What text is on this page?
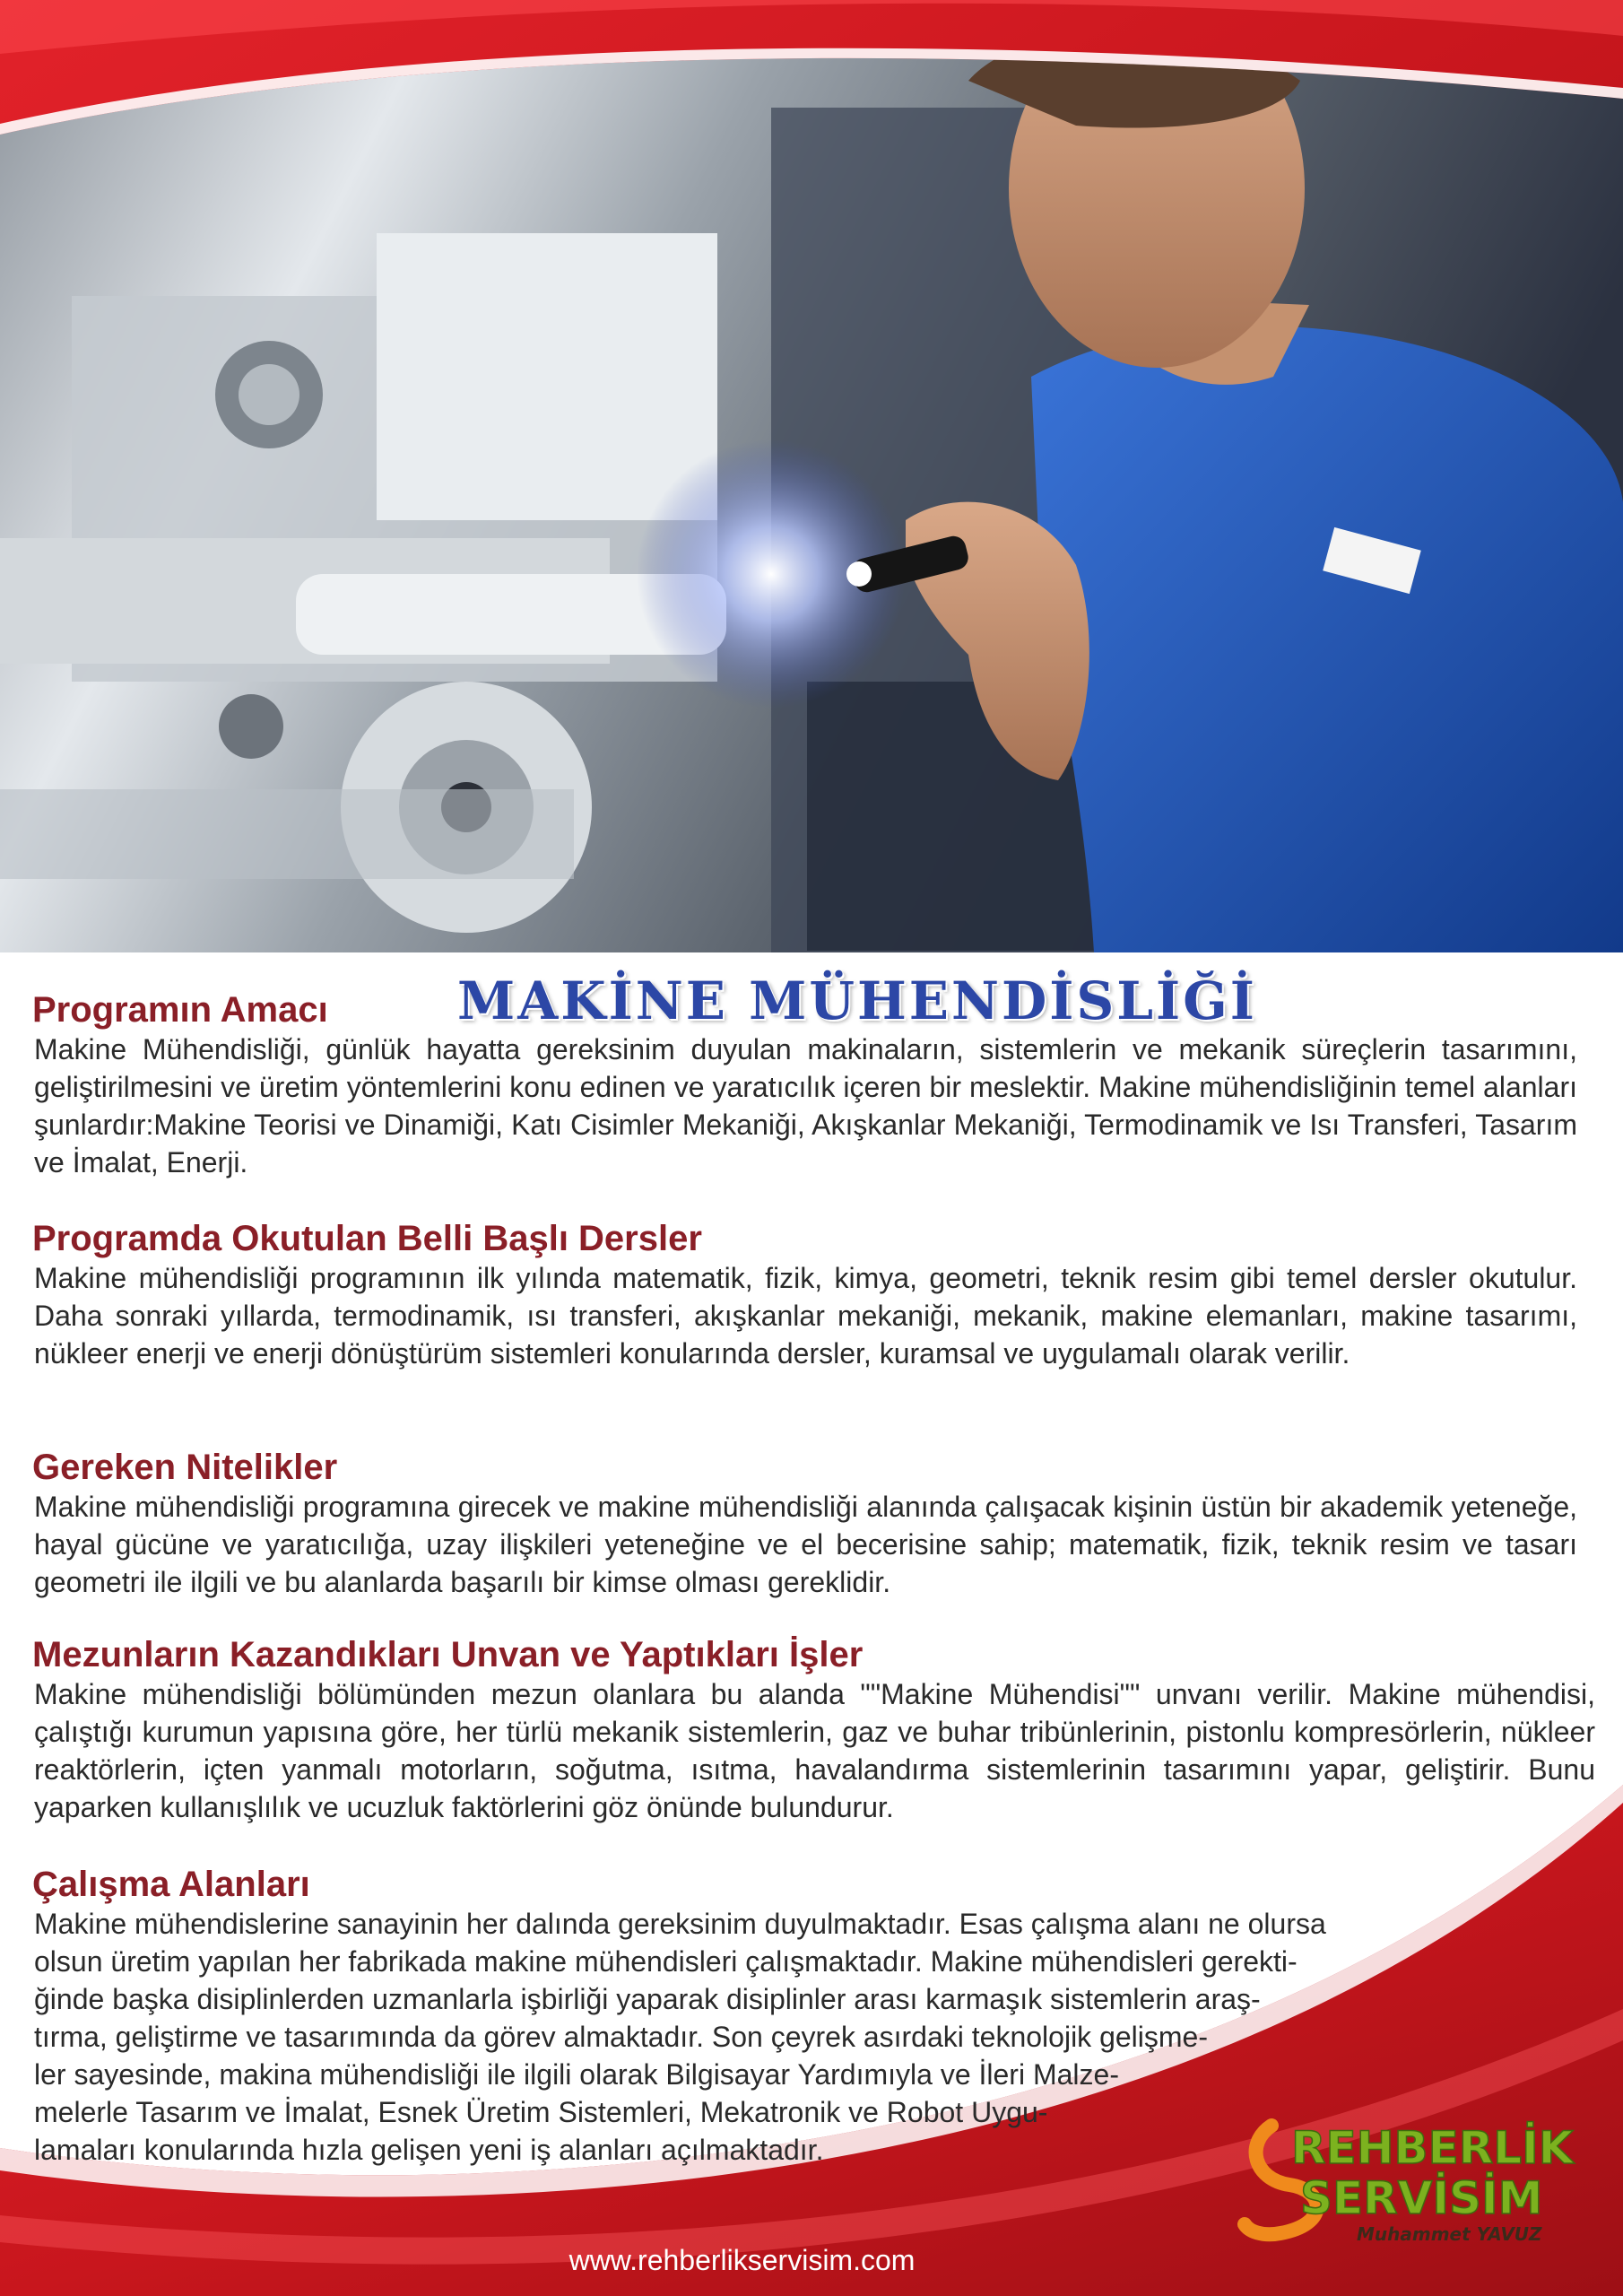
MAKİNE MÜHENDİSLİĞİ
Programın Amacı

Makine Mühendisliği, günlük hayatta gereksinim duyulan makinaların, sistemlerin ve mekanik süreçlerin tasarımını, geliştirilmesini ve üretim yöntemlerini konu edinen ve yaratıcılık içeren bir meslektir. Makine mühendisliğinin temel alanları şunlardır:Makine Teorisi ve Dinamiği, Katı Cisimler Mekaniği, Akışkanlar Mekaniği, Termodinamik ve Isı Transferi, Tasarım ve İmalat, Enerji.

Programda Okutulan Belli Başlı Dersler

Makine mühendisliği programının ilk yılında matematik, fizik, kimya, geometri, teknik resim gibi temel dersler okutulur. Daha sonraki yıllarda, termodinamik, ısı transferi, akışkanlar mekaniği, mekanik, makine elemanları, makine tasarımı, nükleer enerji ve enerji dönüştürüm sistemleri konularında dersler, kuramsal ve uygulamalı olarak verilir.

Gereken Nitelikler

Makine mühendisliği programına girecek ve makine mühendisliği alanında çalışacak kişinin üstün bir akademik yeteneğe, hayal gücüne ve yaratıcılığa, uzay ilişkileri yeteneğine ve el becerisine sahip; matematik, fizik, teknik resim ve tasarı geometri ile ilgili ve bu alanlarda başarılı bir kimse olması gereklidir.

Mezunların Kazandıkları Unvan ve Yaptıkları İşler

Makine mühendisliği bölümünden mezun olanlara bu alanda ""Makine Mühendisi"" unvanı verilir. Makine mühendisi, çalıştığı kurumun yapısına göre, her türlü mekanik sistemlerin, gaz ve buhar tribünlerinin, pistonlu kompresörlerin, nükleer reaktörlerin, içten yanmalı motorların, soğutma, ısıtma, havalandırma sistemlerinin tasarımını yapar, geliştirir. Bunu yaparken kullanışlılık ve ucuzluk faktörlerini göz önünde bulundurur.

Çalışma Alanları

Makine mühendislerine sanayinin her dalında gereksinim duyulmaktadır. Esas çalışma alanı ne olursa
olsun üretim yapılan her fabrikada makine mühendisleri çalışmaktadır. Makine mühendisleri gerekti-
ğinde başka disiplinlerden uzmanlarla işbirliği yaparak disiplinler arası karmaşık sistemlerin araş-
tırma, geliştirme ve tasarımında da görev almaktadır. Son çeyrek asırdaki teknolojik gelişme-
ler sayesinde, makina mühendisliği ile ilgili olarak Bilgisayar Yardımıyla ve İleri Malze-
melerle Tasarım ve İmalat, Esnek Üretim Sistemleri, Mekatronik ve Robot Uygu-
lamaları konularında hızla gelişen yeni iş alanları açılmaktadır.	REHBERLİK
SERVİSİM
Muhammet YAVUZ

www.rehberlikservisim.com
